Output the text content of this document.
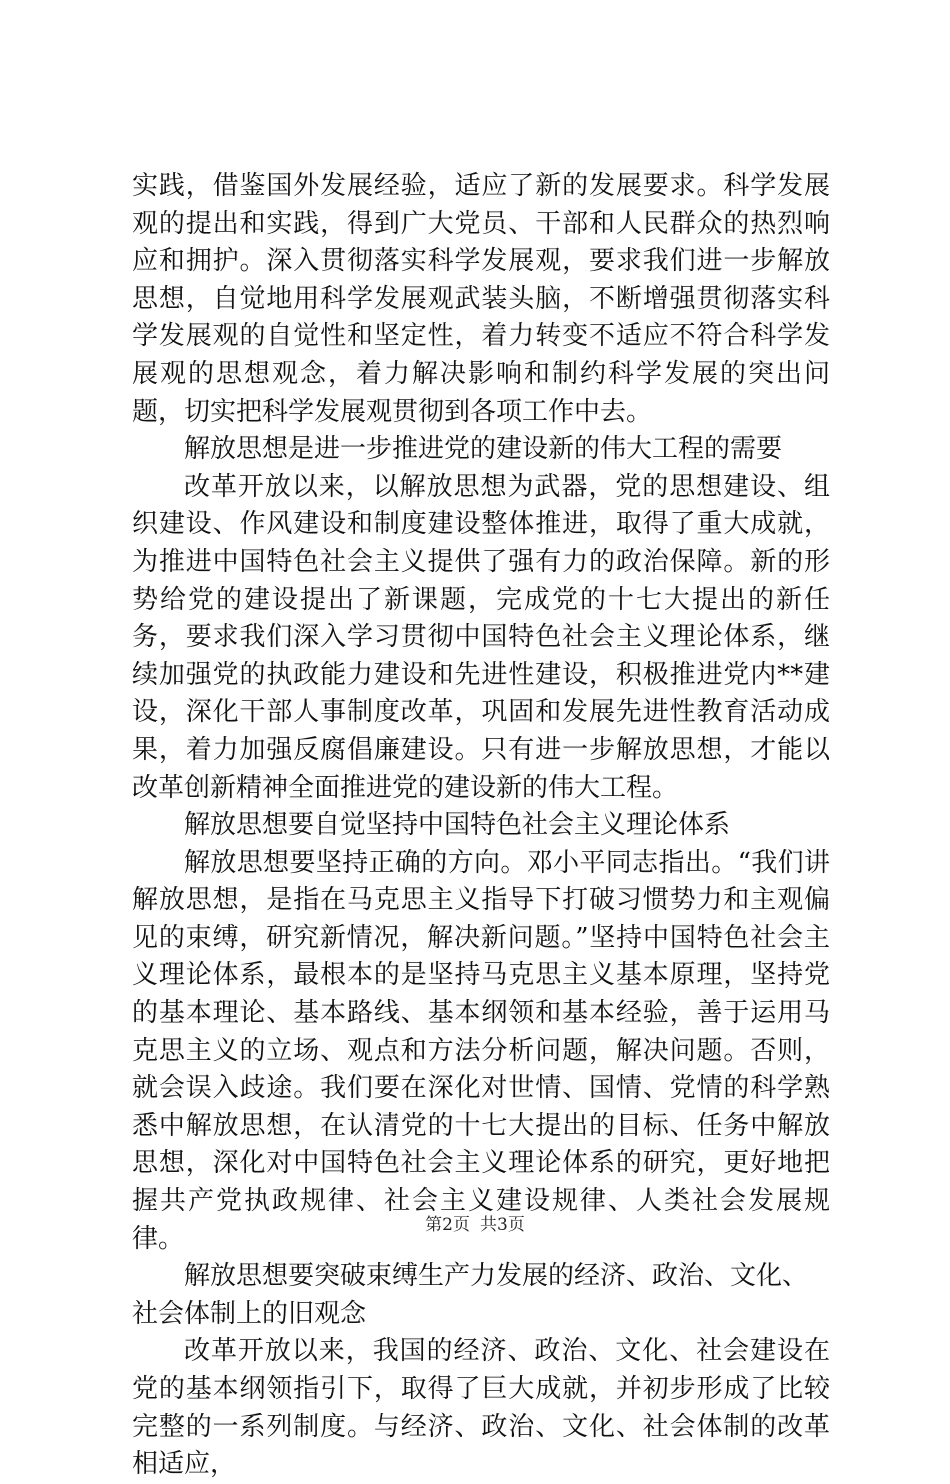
实践，借鉴国外发展经验，适应了新的发展要求。科学发展观的提出和实践，得到广大党员、干部和人民群众的热烈响应和拥护。深入贯彻落实科学发展观，要求我们进一步解放思想，自觉地用科学发展观武装头脑，不断增强贯彻落实科学发展观的自觉性和坚定性，着力转变不适应不符合科学发展观的思想观念，着力解决影响和制约科学发展的突出问题，切实把科学发展观贯彻到各项工作中去。

解放思想是进一步推进党的建设新的伟大工程的需要

改革开放以来，以解放思想为武器，党的思想建设、组织建设、作风建设和制度建设整体推进，取得了重大成就，为推进中国特色社会主义提供了强有力的政治保障。新的形势给党的建设提出了新课题，完成党的十七大提出的新任务，要求我们深入学习贯彻中国特色社会主义理论体系，继续加强党的执政能力建设和先进性建设，积极推进党内**建设，深化干部人事制度改革，巩固和发展先进性教育活动成果，着力加强反腐倡廉建设。只有进一步解放思想，才能以改革创新精神全面推进党的建设新的伟大工程。

解放思想要自觉坚持中国特色社会主义理论体系

解放思想要坚持正确的方向。邓小平同志指出。“我们讲解放思想，是指在马克思主义指导下打破习惯势力和主观偏见的束缚，研究新情况，解决新问题。”坚持中国特色社会主义理论体系，最根本的是坚持马克思主义基本原理，坚持党的基本理论、基本路线、基本纲领和基本经验，善于运用马克思主义的立场、观点和方法分析问题，解决问题。否则，就会误入歧途。我们要在深化对世情、国情、党情的科学熟悉中解放思想，在认清党的十七大提出的目标、任务中解放思想，深化对中国特色社会主义理论体系的研究，更好地把握共产党执政规律、社会主义建设规律、人类社会发展规律。

解放思想要突破束缚生产力发展的经济、政治、文化、社会体制上的旧观念

改革开放以来，我国的经济、政治、文化、社会建设在党的基本纲领指引下，取得了巨大成就，并初步形成了比较完整的一系列制度。与经济、政治、文化、社会体制的改革相适应，

第2页 共3页
